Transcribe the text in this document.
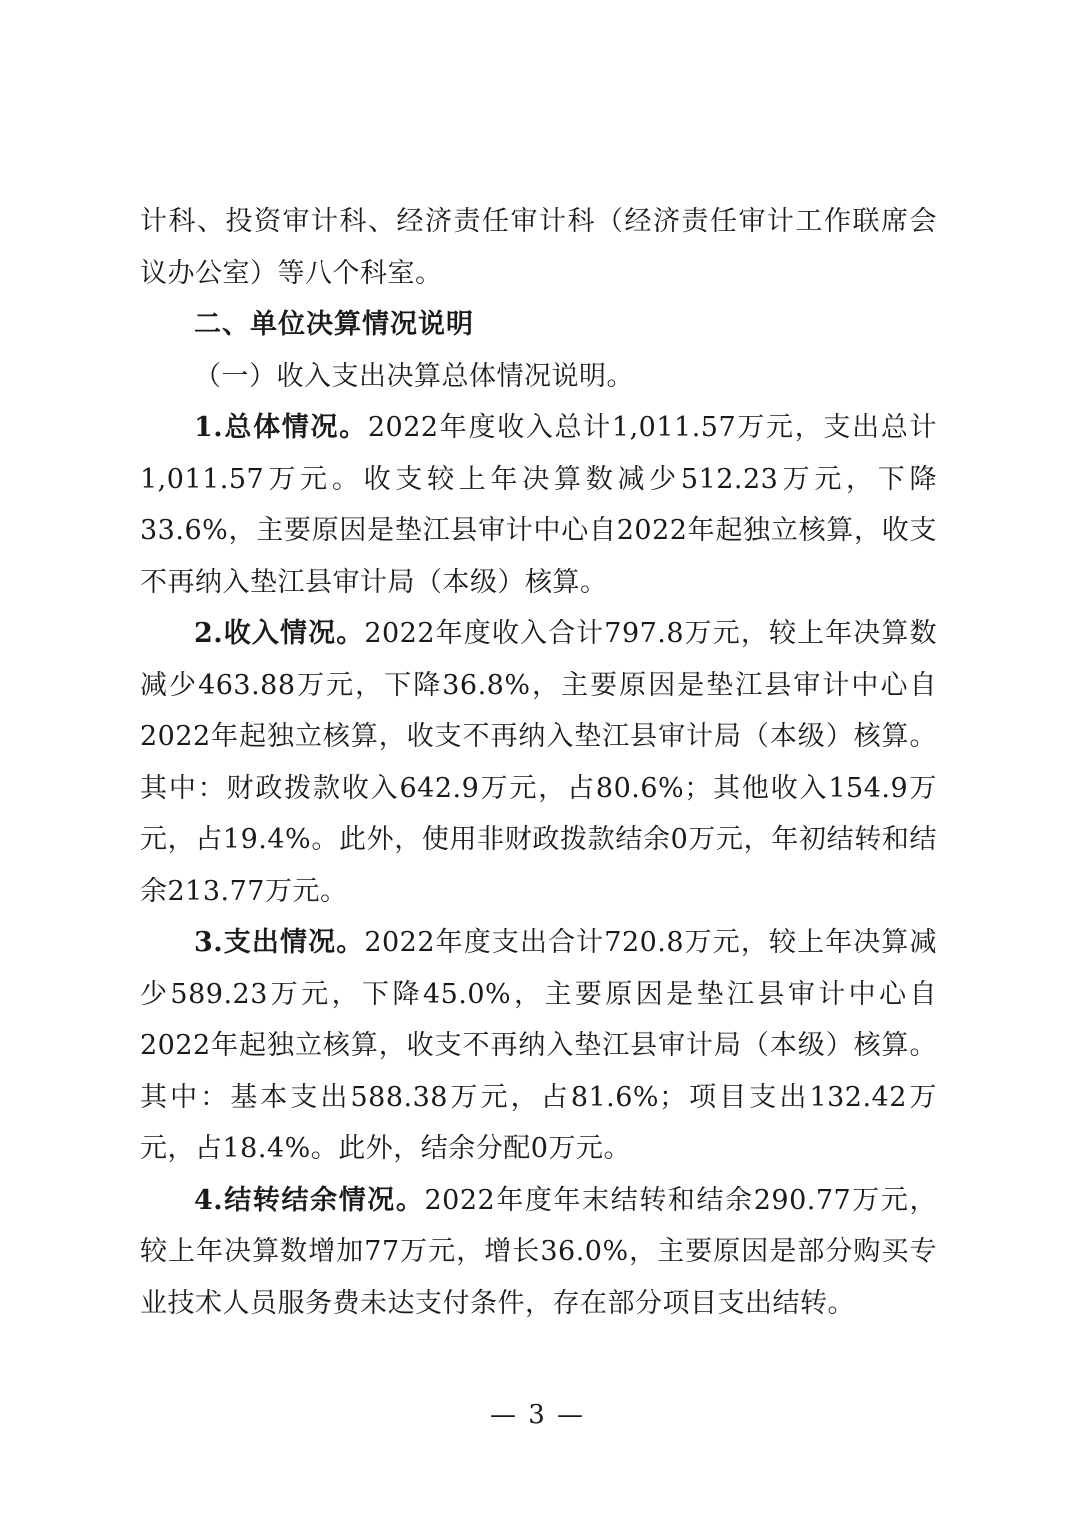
计科、投资审计科、经济责任审计科（经济责任审计工作联席会议办公室）等八个科室。

二、单位决算情况说明

（一）收入支出决算总体情况说明。

1.总体情况。2022年度收入总计1,011.57万元，支出总计1,011.57万元。收支较上年决算数减少512.23万元，下降33.6%，主要原因是垫江县审计中心自2022年起独立核算，收支不再纳入垫江县审计局（本级）核算。

2.收入情况。2022年度收入合计797.8万元，较上年决算数减少463.88万元，下降36.8%，主要原因是垫江县审计中心自2022年起独立核算，收支不再纳入垫江县审计局（本级）核算。其中：财政拨款收入642.9万元，占80.6%；其他收入154.9万元，占19.4%。此外，使用非财政拨款结余0万元，年初结转和结余213.77万元。

3.支出情况。2022年度支出合计720.8万元，较上年决算减少589.23万元，下降45.0%，主要原因是垫江县审计中心自2022年起独立核算，收支不再纳入垫江县审计局（本级）核算。其中：基本支出588.38万元，占81.6%；项目支出132.42万元，占18.4%。此外，结余分配0万元。

4.结转结余情况。2022年度年末结转和结余290.77万元，较上年决算数增加77万元，增长36.0%，主要原因是部分购买专业技术人员服务费未达支付条件，存在部分项目支出结转。

— 3 —
